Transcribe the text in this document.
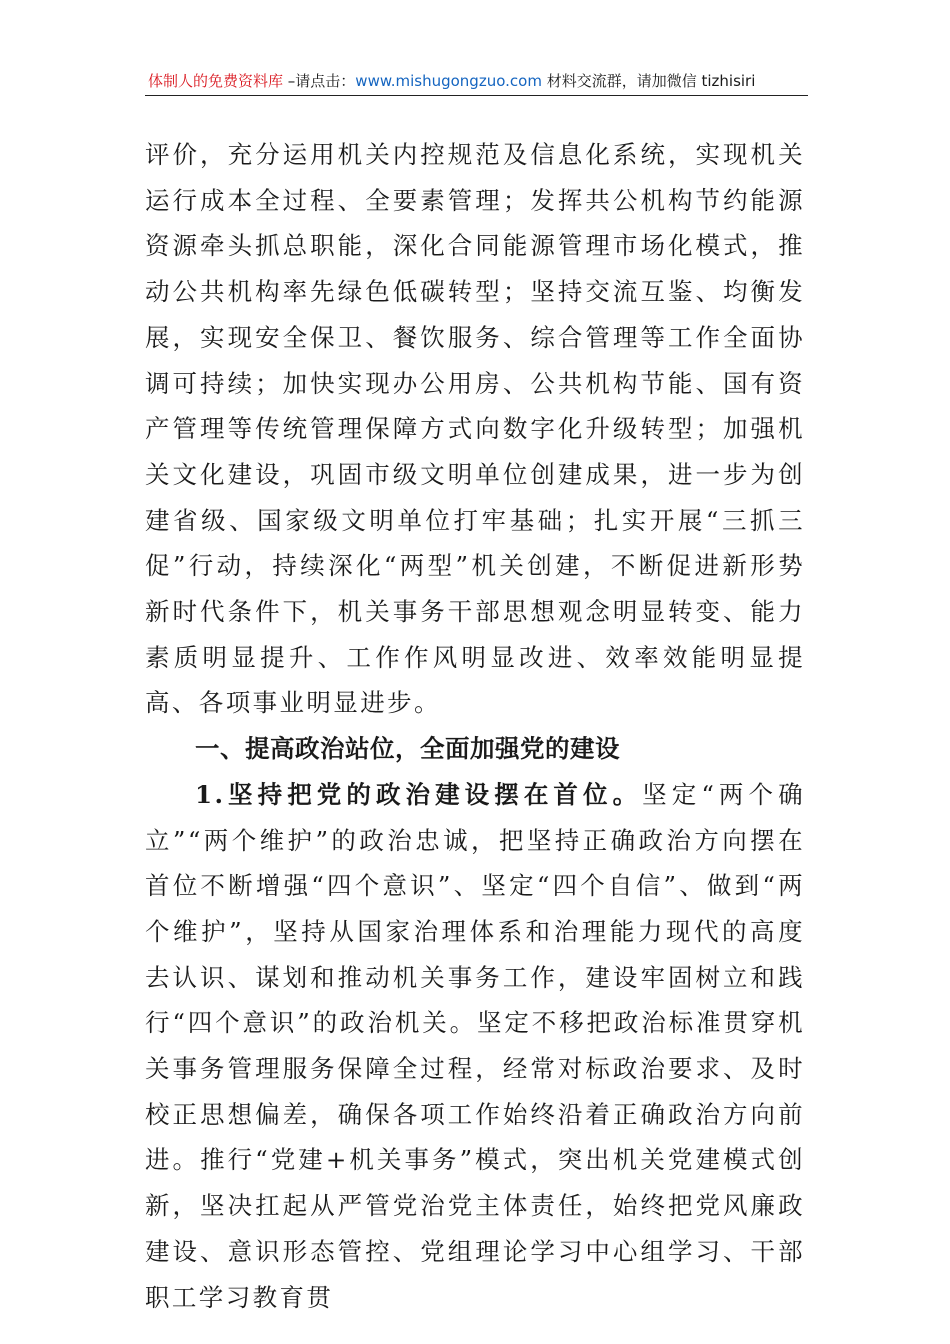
体制人的免费资料库 –请点击：www.mishugongzuo.com 材料交流群，请加微信 tizhisiri

评价，充分运用机关内控规范及信息化系统，实现机关运行成本全过程、全要素管理；发挥共公机构节约能源资源牵头抓总职能，深化合同能源管理市场化模式，推动公共机构率先绿色低碳转型；坚持交流互鉴、均衡发展，实现安全保卫、餐饮服务、综合管理等工作全面协调可持续；加快实现办公用房、公共机构节能、国有资产管理等传统管理保障方式向数字化升级转型；加强机关文化建设，巩固市级文明单位创建成果，进一步为创建省级、国家级文明单位打牢基础；扎实开展“三抓三促”行动，持续深化“两型”机关创建，不断促进新形势新时代条件下，机关事务干部思想观念明显转变、能力素质明显提升、工作作风明显改进、效率效能明显提高、各项事业明显进步。

一、提高政治站位，全面加强党的建设

1.坚持把党的政治建设摆在首位。坚定“两个确立”“两个维护”的政治忠诚，把坚持正确政治方向摆在首位不断增强“四个意识”、坚定“四个自信”、做到“两个维护”，坚持从国家治理体系和治理能力现代的高度去认识、谋划和推动机关事务工作，建设牢固树立和践行“四个意识”的政治机关。坚定不移把政治标准贯穿机关事务管理服务保障全过程，经常对标政治要求、及时校正思想偏差，确保各项工作始终沿着正确政治方向前进。推行“党建+机关事务”模式，突出机关党建模式创新，坚决扛起从严管党治党主体责任，始终把党风廉政建设、意识形态管控、党组理论学习中心组学习、干部职工学习教育贯
